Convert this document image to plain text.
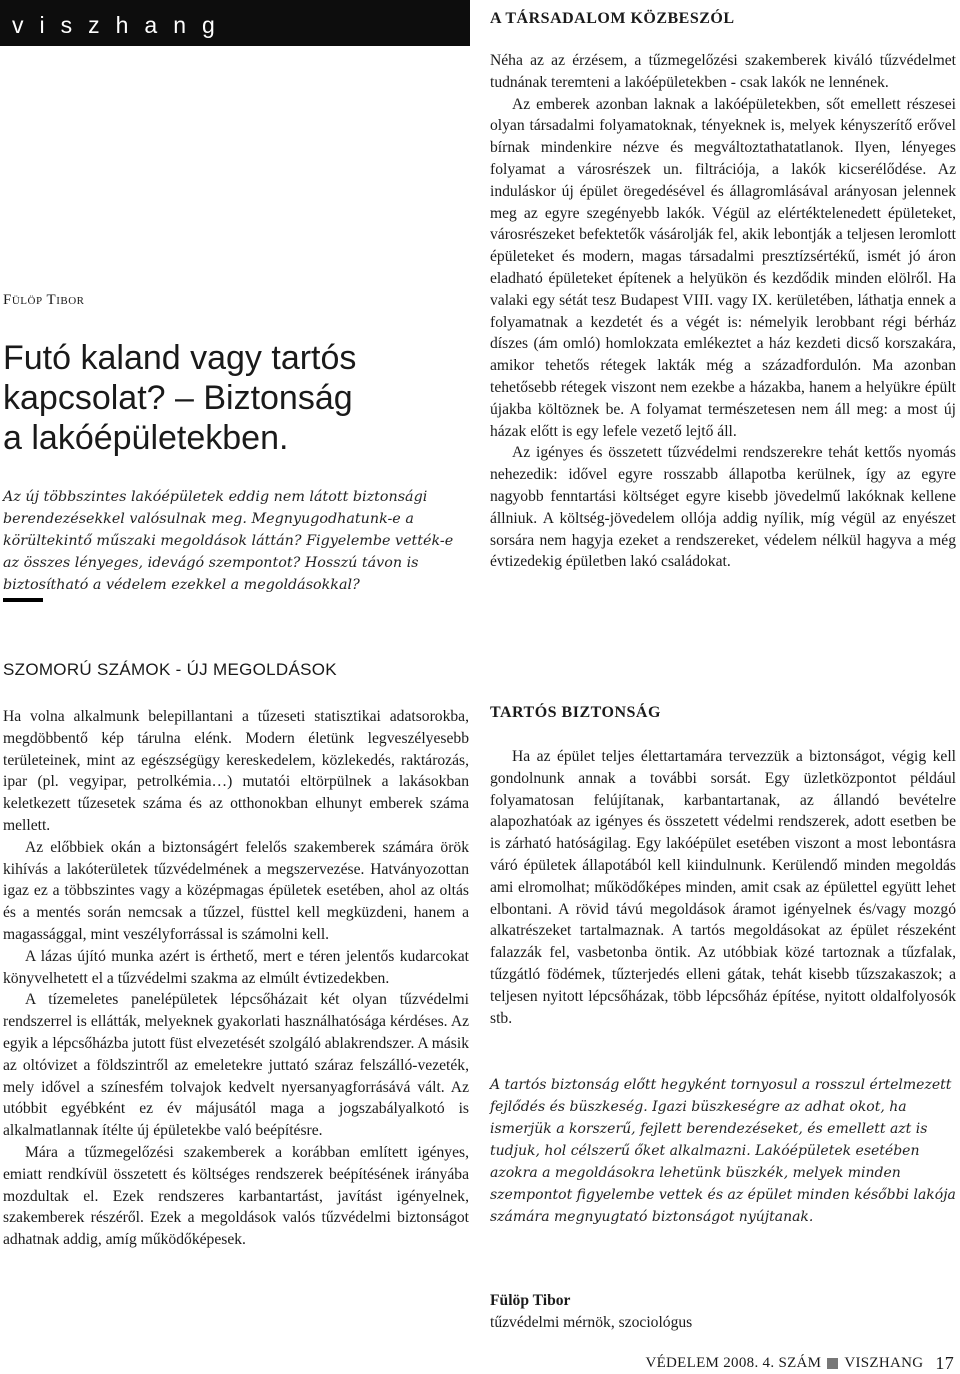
viszhang
Fülöp Tibor
Futó kaland vagy tartós
kapcsolat? – Biztonság
a lakóépületekben.

Az új többszintes lakóépületek eddig nem látott biztonsági berendezésekkel valósulnak meg. Megnyugodhatunk-e a körültekintő műszaki megoldások láttán? Figyelembe vették-e az összes lényeges, idevágó szempontot? Hosszú távon is biztosítható a védelem ezekkel a megoldásokkal?

SZOMORÚ SZÁMOK - ÚJ MEGOLDÁSOK

Ha volna alkalmunk belepillantani a tűzeseti statisztikai adatsorokba, megdöbbentő kép tárulna elénk. Modern életünk legveszélyesebb területeinek, mint az egészségügy kereskedelem, közlekedés, raktározás, ipar (pl. vegyipar, petrolkémia…) mutatói eltörpülnek a lakásokban keletkezett tűzesetek száma és az otthonokban elhunyt emberek száma mellett.

Az előbbiek okán a biztonságért felelős szakemberek számára örök kihívás a lakóterületek tűzvédelmének a megszervezése. Hatványozottan igaz ez a többszintes vagy a középmagas épületek esetében, ahol az oltás és a mentés során nemcsak a tűzzel, füsttel kell megküzdeni, hanem a magassággal, mint veszélyforrással is számolni kell.

A lázas újító munka azért is érthető, mert e téren jelentős kudarcokat könyvelhetett el a tűzvédelmi szakma az elmúlt évtizedekben.

A tízemeletes panelépületek lépcsőházait két olyan tűzvédelmi rendszerrel is ellátták, melyeknek gyakorlati használhatósága kérdéses. Az egyik a lépcsőházba jutott füst elvezetését szolgáló ablakrendszer. A másik az oltóvizet a földszintről az emeletekre juttató száraz felszálló-vezeték, mely idővel a színesfém tolvajok kedvelt nyersanyagforrásává vált. Az utóbbit egyébként ez év májusától maga a jogszabályalkotó is alkalmatlannak ítélte új épületekbe való beépítésre.

Mára a tűzmegelőzési szakemberek a korábban említett igényes, emiatt rendkívül összetett és költséges rendszerek beépítésének irányába mozdultak el. Ezek rendszeres karbantartást, javítást igényelnek, szakemberek részéről. Ezek a megoldások valós tűzvédelmi biztonságot adhatnak addig, amíg működőképesek.

A TÁRSADALOM KÖZBESZÓL

Néha az az érzésem, a tűzmegelőzési szakemberek kiváló tűzvédelmet tudnának teremteni a lakóépületekben - csak lakók ne lennének.

Az emberek azonban laknak a lakóépületekben, sőt emellett részesei olyan társadalmi folyamatoknak, tényeknek is, melyek kényszerítő erővel bírnak mindenkire nézve és megváltoztathatatlanok. Ilyen, lényeges folyamat a városrészek un. filtrációja, a lakók kicserélődése. Az induláskor új épület öregedésével és állagromlásával arányosan jelennek meg az egyre szegényebb lakók. Végül az elértéktelenedett épületeket, városrészeket befektetők vásárolják fel, akik lebontják a teljesen leromlott épületeket és modern, magas társadalmi presztízsértékű, ismét jó áron eladható épületeket építenek a helyükön és kezdődik minden elölről. Ha valaki egy sétát tesz Budapest VIII. vagy IX. kerületében, láthatja ennek a folyamatnak a kezdetét és a végét is: némelyik lerobbant régi bérház díszes (ám omló) homlokzata emlékeztet a ház kezdeti dicső korszakára, amikor tehetős rétegek lakták még a századfordulón. Ma azonban tehetősebb rétegek viszont nem ezekbe a házakba, hanem a helyükre épült újakba költöznek be. A folyamat természetesen nem áll meg: a most új házak előtt is egy lefele vezető lejtő áll.

Az igényes és összetett tűzvédelmi rendszerekre tehát kettős nyomás nehezedik: idővel egyre rosszabb állapotba kerülnek, így az egyre nagyobb fenntartási költséget egyre kisebb jövedelmű lakóknak kellene állniuk. A költség-jövedelem ollója addig nyílik, míg végül az enyészet sorsára nem hagyja ezeket a rendszereket, védelem nélkül hagyva a még évtizedekig épületben lakó családokat.

TARTÓS BIZTONSÁG

Ha az épület teljes élettartamára tervezzük a biztonságot, végig kell gondolnunk annak a további sorsát. Egy üzletközpontot például folyamatosan felújítanak, karbantartanak, az állandó bevételre alapozhatóak az igényes és összetett védelmi rendszerek, adott esetben be is zárható hatóságilag. Egy lakóépület esetében viszont a most lebontásra váró épületek állapotából kell kiindulnunk. Kerülendő minden megoldás ami elromolhat; működőképes minden, amit csak az épülettel együtt lehet elbontani. A rövid távú megoldások áramot igényelnek és/vagy mozgó alkatrészeket tartalmaznak. A tartós megoldásokat az épület részeként falazzák fel, vasbetonba öntik. Az utóbbiak közé tartoznak a tűzfalak, tűzgátló födémek, tűzterjedés elleni gátak, tehát kisebb tűzszakaszok; a teljesen nyitott lépcsőházak, több lépcsőház építése, nyitott oldalfolyosók stb.

A tartós biztonság előtt hegyként tornyosul a rosszul értelmezett fejlődés és büszkeség. Igazi büszkeségre az adhat okot, ha ismerjük a korszerű, fejlett berendezéseket, és emellett azt is tudjuk, hol célszerű őket alkalmazni. Lakóépületek esetében azokra a megoldásokra lehetünk büszkék, melyek minden szempontot figyelembe vettek és az épület minden későbbi lakója számára megnyugtató biztonságot nyújtanak.

Fülöp Tibor
tűzvédelmi mérnök, szociológus
VÉDELEM 2008. 4. SZÁM VISZHANG 17
